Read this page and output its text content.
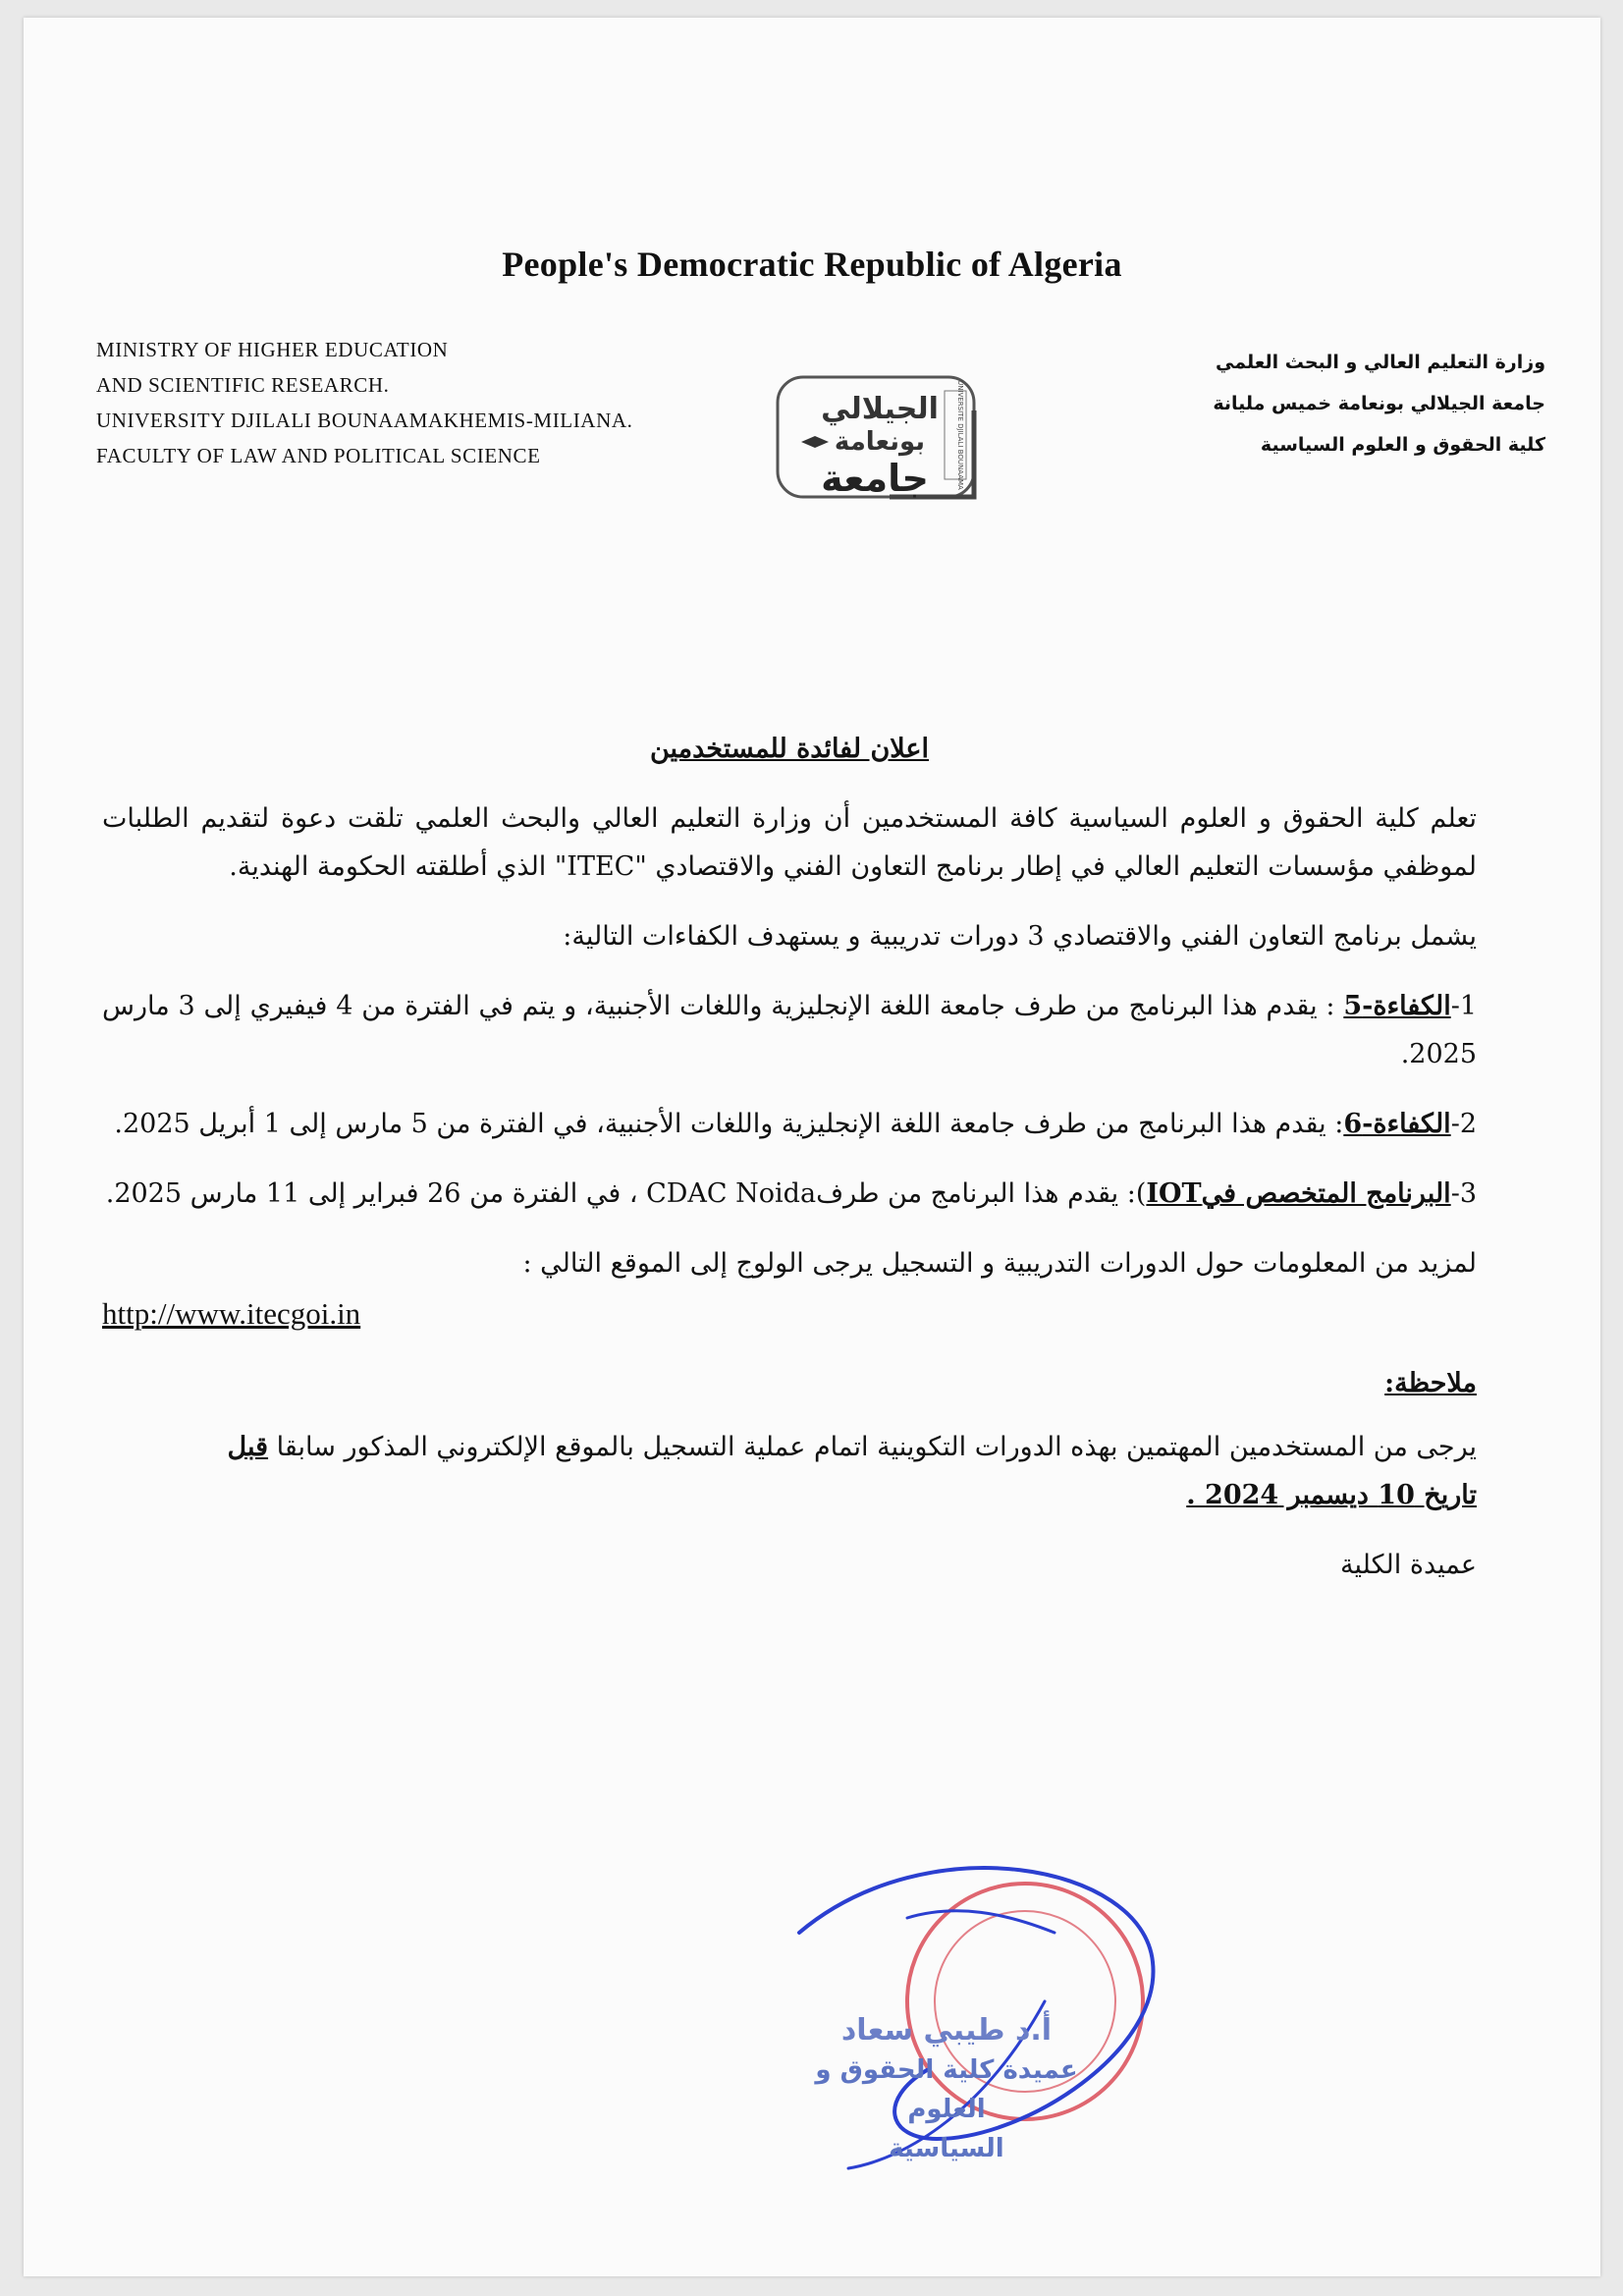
People's Democratic Republic of Algeria
MINISTRY OF HIGHER EDUCATION
AND SCIENTIFIC RESEARCH.
UNIVERSITY DJILALI BOUNAAMAKHEMIS-MILIANA.
FACULTY OF LAW AND POLITICAL SCIENCE
الجيلالي
بونعامة
جامعة	UNIVERSITE DJILALI BOUNAAMA
وزارة التعليم العالي و البحث العلمي
جامعة الجيلالي بونعامة خميس مليانة
كلية الحقوق و العلوم السياسية
اعلان لفائدة للمستخدمين
تعلم كلية الحقوق و العلوم السياسية كافة المستخدمين أن وزارة التعليم العالي والبحث العلمي تلقت دعوة لتقديم الطلبات لموظفي مؤسسات التعليم العالي في إطار برنامج التعاون الفني والاقتصادي "ITEC" الذي أطلقته الحكومة الهندية.
يشمل برنامج التعاون الفني والاقتصادي 3 دورات تدريبية و يستهدف الكفاءات التالية:
1-الكفاءة-5 : يقدم هذا البرنامج من طرف جامعة اللغة الإنجليزية واللغات الأجنبية، و يتم في الفترة من 4 فيفيري إلى 3 مارس 2025.
2-الكفاءة-6: يقدم هذا البرنامج من طرف جامعة اللغة الإنجليزية واللغات الأجنبية، في الفترة من 5 مارس إلى 1 أبريل 2025.
3-البرنامج المتخصص فيIOT): يقدم هذا البرنامج من طرفCDAC Noida ، في الفترة من 26 فبراير إلى 11 مارس 2025.
لمزيد من المعلومات حول الدورات التدريبية و التسجيل يرجى الولوج إلى الموقع التالي :
http://www.itecgoi.in
ملاحظة:
يرجى من المستخدمين المهتمين بهذه الدورات التكوينية اتمام عملية التسجيل بالموقع الإلكتروني المذكور سابقا قبل
تاريخ 10 ديسمبر 2024 .
عميدة الكلية
أ.د طيبي سعاد
عميدة كلية الحقوق و العلوم
السياسية
